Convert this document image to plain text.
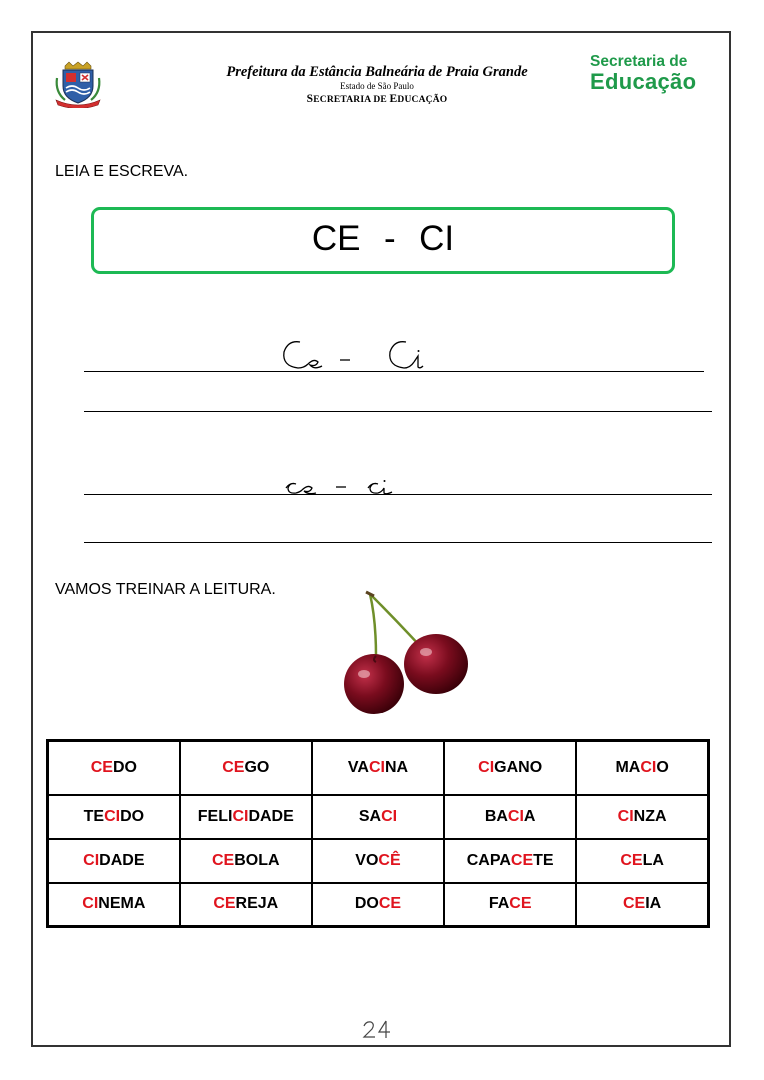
Prefeitura da Estância Balneária de Praia Grande
Estado de São Paulo
SECRETARIA DE EDUCAÇÃO
Secretaria de
Educação
LEIA E ESCREVA.
CE  -  CI
VAMOS TREINAR A LEITURA.
CEDO	CEGO	VACINA	CIGANO	MACIO
TECIDO	FELICIDADE	SACI	BACIA	CINZA
CIDADE	CEBOLA	VOCÊ	CAPACETE	CELA
CINEMA	CEREJA	DOCE	FACE	CEIA
